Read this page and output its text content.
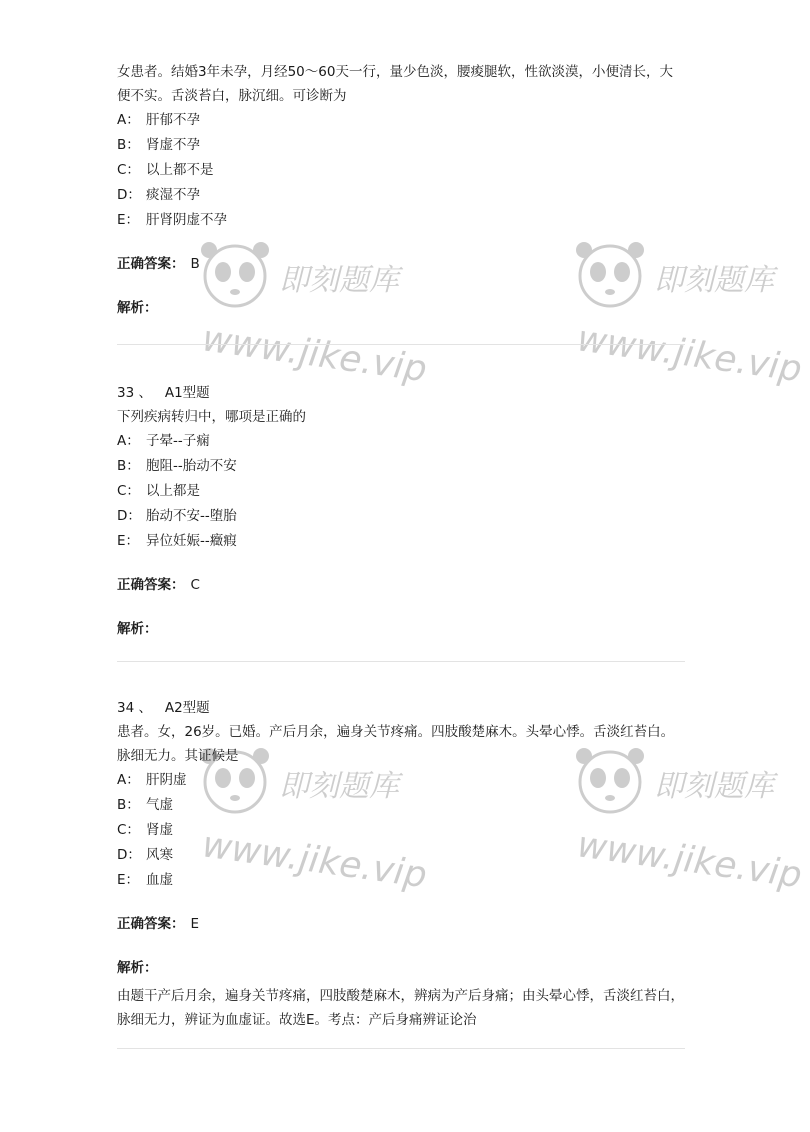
即刻题库
www.jike.vip
即刻题库
www.jike.vip
即刻题库
www.jike.vip
即刻题库
www.jike.vip

女患者。结婚3年未孕，月经50～60天一行，量少色淡，腰痠腿软，性欲淡漠，小便清长，大便不实。舌淡苔白，脉沉细。可诊断为

A： 肝郁不孕

B： 肾虚不孕

C： 以上都不是

D： 痰湿不孕

E： 肝肾阴虚不孕

正确答案： B
解析：

33 、 A1型题

下列疾病转归中，哪项是正确的

A： 子晕--子痫

B： 胞阻--胎动不安

C： 以上都是

D： 胎动不安--堕胎

E： 异位妊娠--癥瘕

正确答案： C
解析：

34 、 A2型题

患者。女，26岁。已婚。产后月余，遍身关节疼痛。四肢酸楚麻木。头晕心悸。舌淡红苔白。脉细无力。其证候是

A： 肝阴虚

B： 气虚

C： 肾虚

D： 风寒

E： 血虚

正确答案： E
解析：

由题干产后月余，遍身关节疼痛，四肢酸楚麻木，辨病为产后身痛；由头晕心悸，舌淡红苔白，脉细无力，辨证为血虚证。故选E。考点：产后身痛辨证论治
